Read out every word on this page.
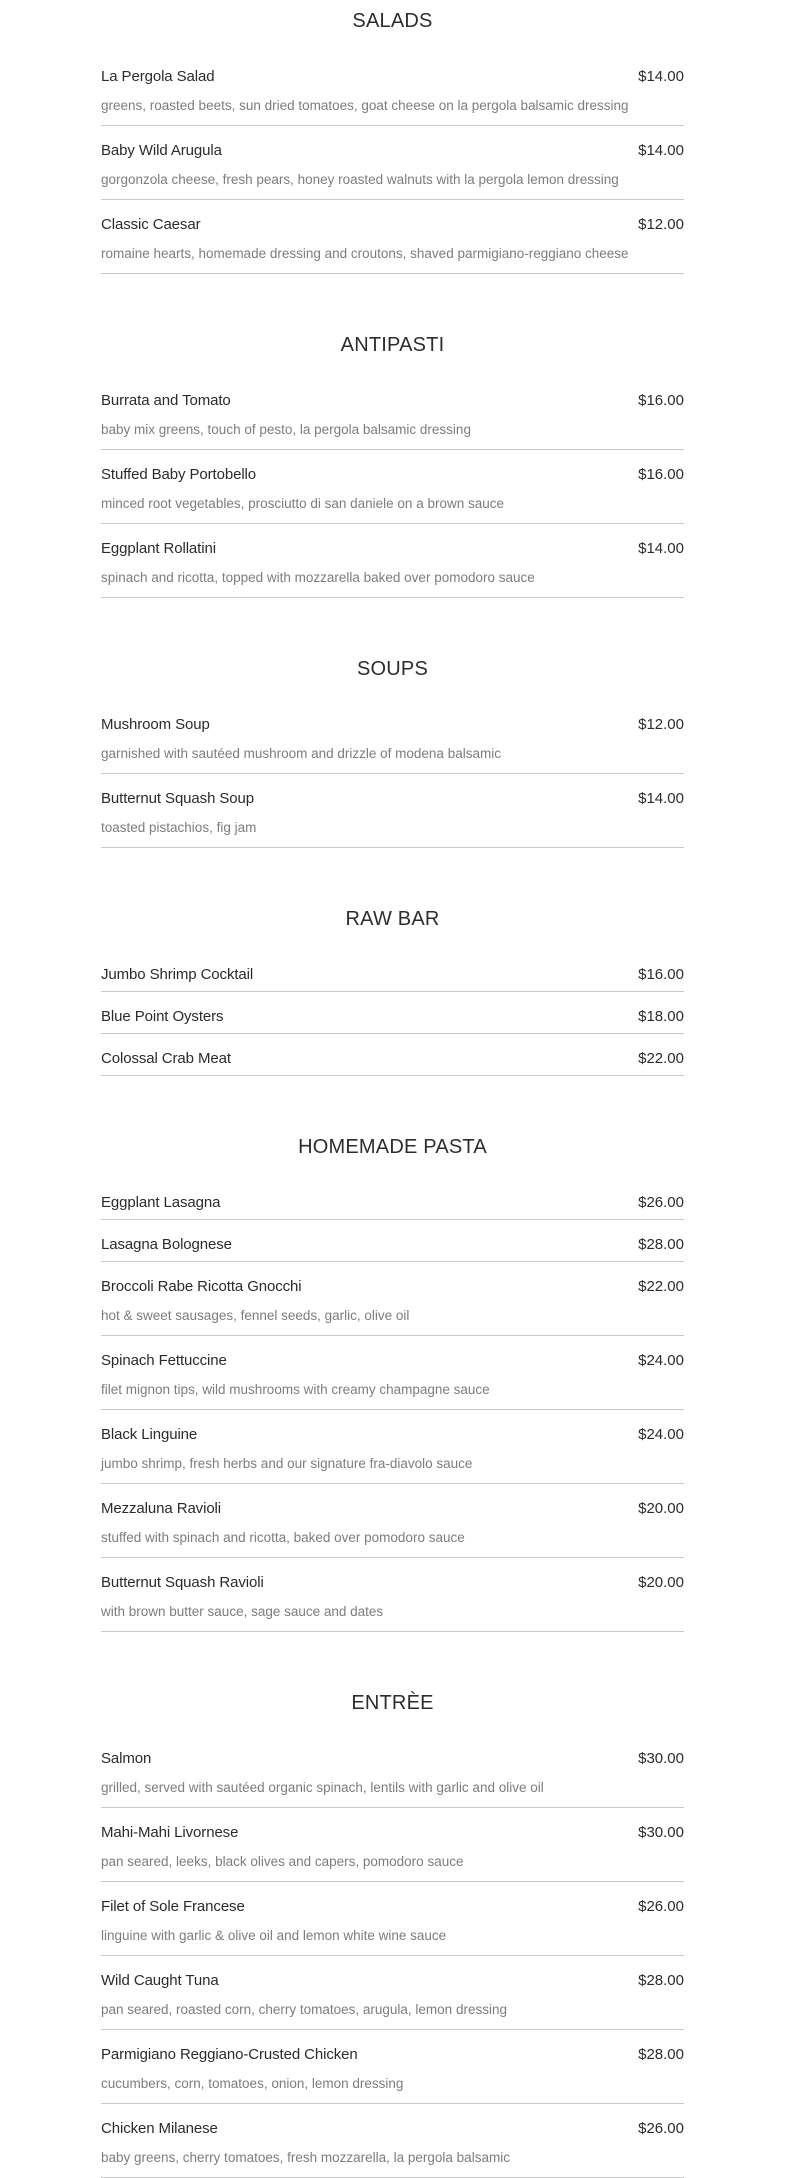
SALADS
La Pergola Salad	$14.00
greens, roasted beets, sun dried tomatoes, goat cheese on la pergola balsamic dressing
Baby Wild Arugula	$14.00
gorgonzola cheese, fresh pears, honey roasted walnuts with la pergola lemon dressing
Classic Caesar	$12.00
romaine hearts, homemade dressing and croutons, shaved parmigiano-reggiano cheese
ANTIPASTI
Burrata and Tomato	$16.00
baby mix greens, touch of pesto, la pergola balsamic dressing
Stuffed Baby Portobello	$16.00
minced root vegetables, prosciutto di san daniele on a brown sauce
Eggplant Rollatini	$14.00
spinach and ricotta, topped with mozzarella baked over pomodoro sauce
SOUPS
Mushroom Soup	$12.00
garnished with sautéed mushroom and drizzle of modena balsamic
Butternut Squash Soup	$14.00
toasted pistachios, fig jam
RAW BAR
Jumbo Shrimp Cocktail	$16.00
Blue Point Oysters	$18.00
Colossal Crab Meat	$22.00
HOMEMADE PASTA
Eggplant Lasagna	$26.00
Lasagna Bolognese	$28.00
Broccoli Rabe Ricotta Gnocchi	$22.00
hot & sweet sausages, fennel seeds, garlic, olive oil
Spinach Fettuccine	$24.00
filet mignon tips, wild mushrooms with creamy champagne sauce
Black Linguine	$24.00
jumbo shrimp, fresh herbs and our signature fra-diavolo sauce
Mezzaluna Ravioli	$20.00
stuffed with spinach and ricotta, baked over pomodoro sauce
Butternut Squash Ravioli	$20.00
with brown butter sauce, sage sauce and dates
ENTRÈE
Salmon	$30.00
grilled, served with sautéed organic spinach, lentils with garlic and olive oil
Mahi-Mahi Livornese	$30.00
pan seared, leeks, black olives and capers, pomodoro sauce
Filet of Sole Francese	$26.00
linguine with garlic & olive oil and lemon white wine sauce
Wild Caught Tuna	$28.00
pan seared, roasted corn, cherry tomatoes, arugula, lemon dressing
Parmigiano Reggiano-Crusted Chicken	$28.00
cucumbers, corn, tomatoes, onion, lemon dressing
Chicken Milanese	$26.00
baby greens, cherry tomatoes, fresh mozzarella, la pergola balsamic
